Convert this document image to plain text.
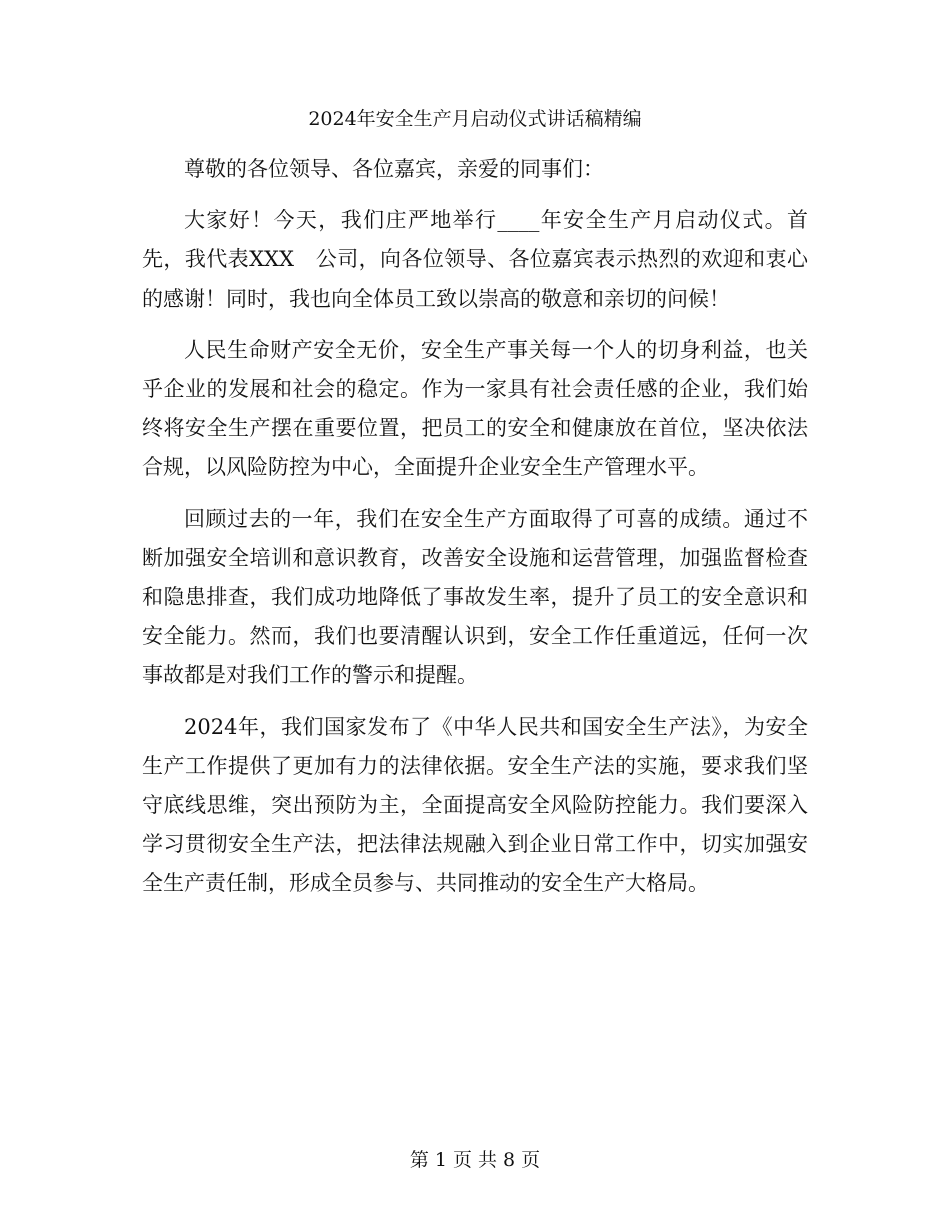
2024年安全生产月启动仪式讲话稿精编

尊敬的各位领导、各位嘉宾，亲爱的同事们：

大家好！今天，我们庄严地举行____年安全生产月启动仪式。首先，我代表XXX　公司，向各位领导、各位嘉宾表示热烈的欢迎和衷心的感谢！同时，我也向全体员工致以崇高的敬意和亲切的问候！

人民生命财产安全无价，安全生产事关每一个人的切身利益，也关乎企业的发展和社会的稳定。作为一家具有社会责任感的企业，我们始终将安全生产摆在重要位置，把员工的安全和健康放在首位，坚决依法合规，以风险防控为中心，全面提升企业安全生产管理水平。

回顾过去的一年，我们在安全生产方面取得了可喜的成绩。通过不断加强安全培训和意识教育，改善安全设施和运营管理，加强监督检查和隐患排查，我们成功地降低了事故发生率，提升了员工的安全意识和安全能力。然而，我们也要清醒认识到，安全工作任重道远，任何一次事故都是对我们工作的警示和提醒。

2024年，我们国家发布了《中华人民共和国安全生产法》，为安全生产工作提供了更加有力的法律依据。安全生产法的实施，要求我们坚守底线思维，突出预防为主，全面提高安全风险防控能力。我们要深入学习贯彻安全生产法，把法律法规融入到企业日常工作中，切实加强安全生产责任制，形成全员参与、共同推动的安全生产大格局。

第 1 页 共 8 页
